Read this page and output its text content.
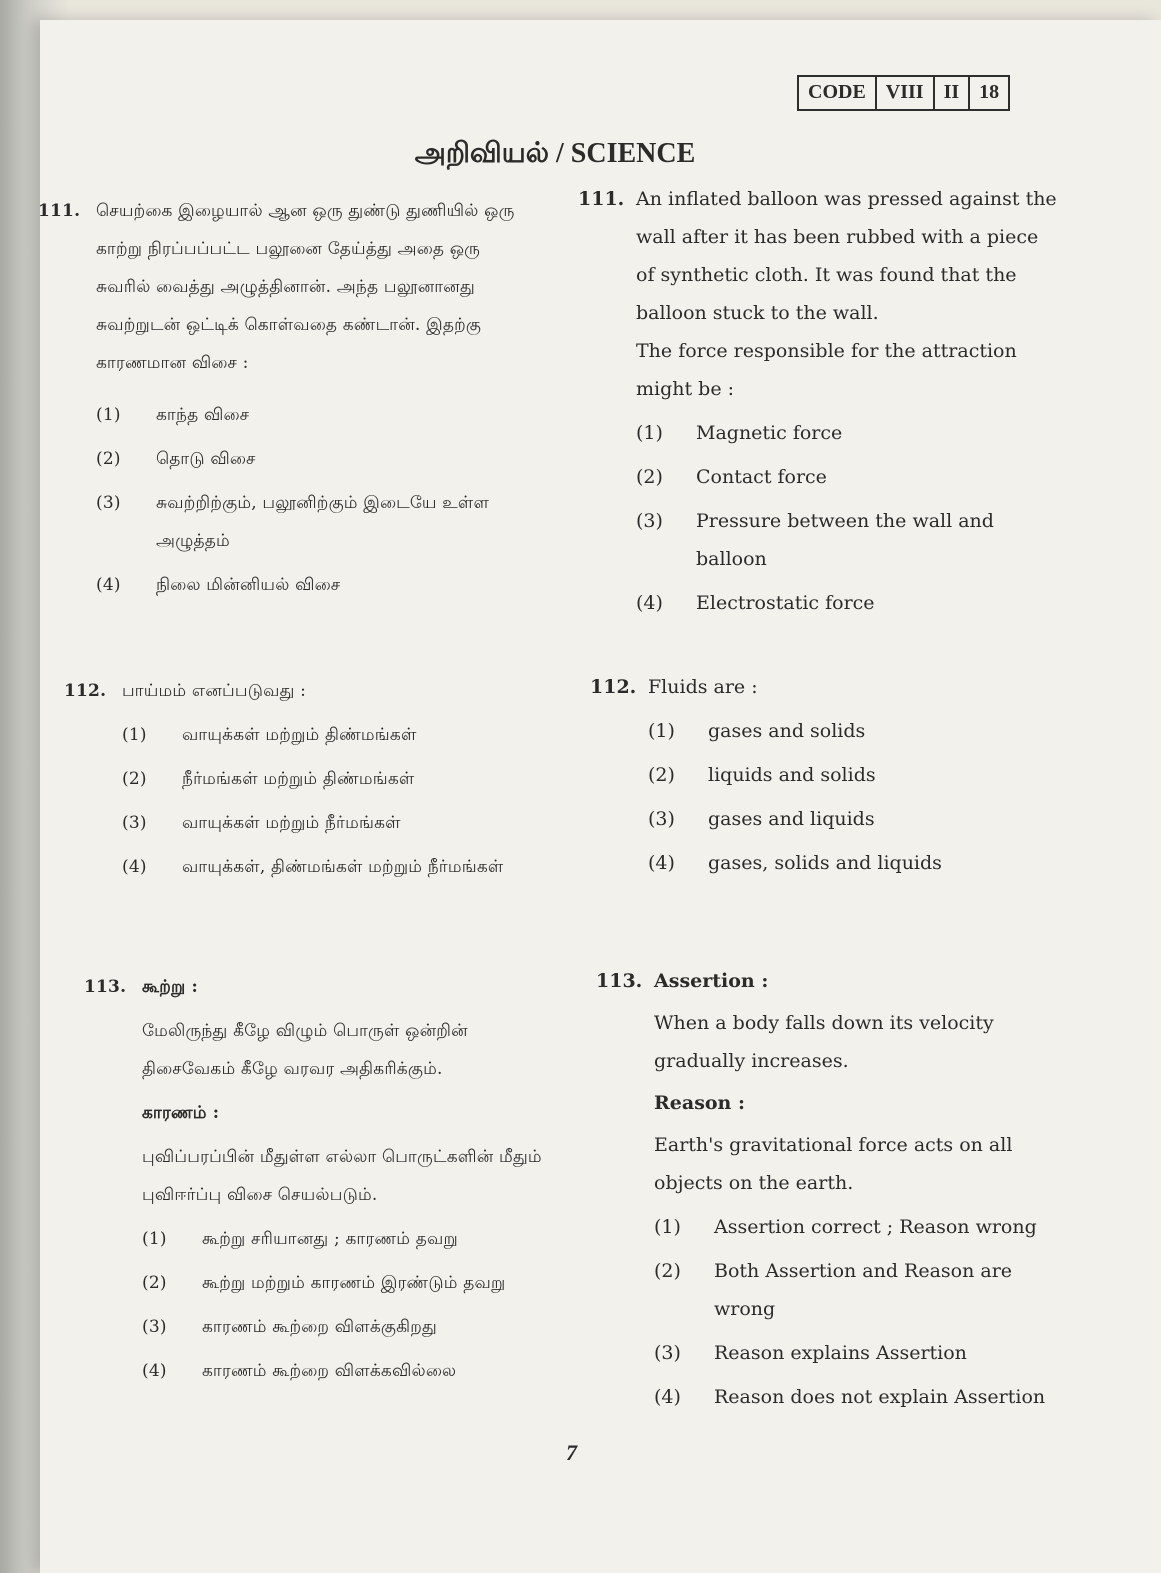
CODE	VIII	II	18
அறிவியல் / SCIENCE
111. செயற்கை இழையால் ஆன ஒரு துண்டு துணியில் ஒரு காற்று நிரப்பப்பட்ட பலூனை தேய்த்து அதை ஒரு சுவரில் வைத்து அழுத்தினான். அந்த பலூனானது சுவற்றுடன் ஒட்டிக் கொள்வதை கண்டான். இதற்கு காரணமான விசை :
(1)	காந்த விசை
(2)	தொடு விசை
(3)	சுவற்றிற்கும், பலூனிற்கும் இடையே உள்ள அழுத்தம்
(4)	நிலை மின்னியல் விசை
111. An inflated balloon was pressed against the wall after it has been rubbed with a piece of synthetic cloth. It was found that the balloon stuck to the wall.
The force responsible for the attraction might be :
(1)	Magnetic force
(2)	Contact force
(3)	Pressure between the wall and balloon
(4)	Electrostatic force
112. பாய்மம் எனப்படுவது :
(1)	வாயுக்கள் மற்றும் திண்மங்கள்
(2)	நீர்மங்கள் மற்றும் திண்மங்கள்
(3)	வாயுக்கள் மற்றும் நீர்மங்கள்
(4)	வாயுக்கள், திண்மங்கள் மற்றும் நீர்மங்கள்
112. Fluids are :
(1)	gases and solids
(2)	liquids and solids
(3)	gases and liquids
(4)	gases, solids and liquids
113. கூற்று :
மேலிருந்து கீழே விழும் பொருள் ஒன்றின் திசைவேகம் கீழே வரவர அதிகரிக்கும்.
காரணம் :
புவிப்பரப்பின் மீதுள்ள எல்லா பொருட்களின் மீதும் புவிஈர்ப்பு விசை செயல்படும்.
(1)	கூற்று சரியானது ; காரணம் தவறு
(2)	கூற்று மற்றும் காரணம் இரண்டும் தவறு
(3)	காரணம் கூற்றை விளக்குகிறது
(4)	காரணம் கூற்றை விளக்கவில்லை
113. Assertion :
When a body falls down its velocity gradually increases.
Reason :
Earth's gravitational force acts on all objects on the earth.
(1)	Assertion correct ; Reason wrong
(2)	Both Assertion and Reason are wrong
(3)	Reason explains Assertion
(4)	Reason does not explain Assertion
7
